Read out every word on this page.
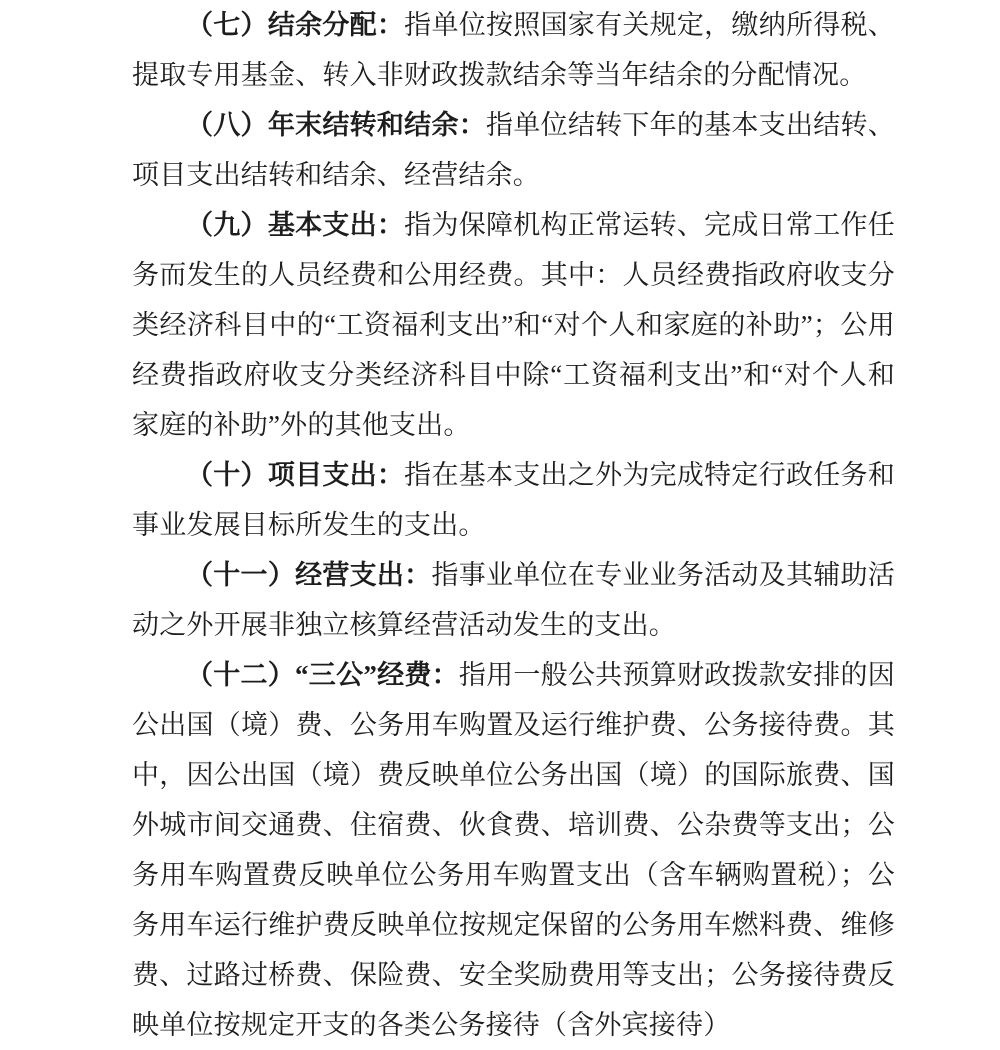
（七）结余分配：指单位按照国家有关规定，缴纳所得税、提取专用基金、转入非财政拨款结余等当年结余的分配情况。

（八）年末结转和结余：指单位结转下年的基本支出结转、项目支出结转和结余、经营结余。

（九）基本支出：指为保障机构正常运转、完成日常工作任务而发生的人员经费和公用经费。其中：人员经费指政府收支分类经济科目中的“工资福利支出”和“对个人和家庭的补助”；公用经费指政府收支分类经济科目中除“工资福利支出”和“对个人和家庭的补助”外的其他支出。

（十）项目支出：指在基本支出之外为完成特定行政任务和事业发展目标所发生的支出。

（十一）经营支出：指事业单位在专业业务活动及其辅助活动之外开展非独立核算经营活动发生的支出。

（十二）“三公”经费：指用一般公共预算财政拨款安排的因公出国（境）费、公务用车购置及运行维护费、公务接待费。其中，因公出国（境）费反映单位公务出国（境）的国际旅费、国外城市间交通费、住宿费、伙食费、培训费、公杂费等支出；公务用车购置费反映单位公务用车购置支出（含车辆购置税）；公务用车运行维护费反映单位按规定保留的公务用车燃料费、维修费、过路过桥费、保险费、安全奖励费用等支出；公务接待费反映单位按规定开支的各类公务接待（含外宾接待）
